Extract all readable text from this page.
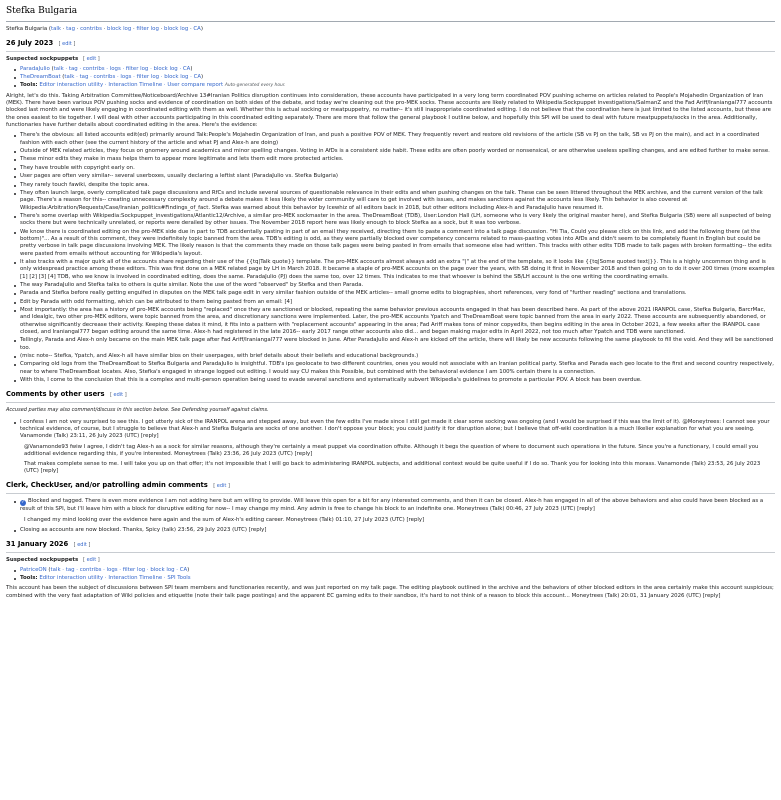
Stefka Bulgaria
Stefka Bulgaria (talk · tag · contribs · block log · filter log · block log · CA)
26 July 2023 [ edit ]
Suspected sockpuppets [ edit ]
ParadaJulio (talk · tag · contribs · logs · filter log · block log · CA)
TheDreamBoat (talk · tag · contribs · logs · filter log · block log · CA)
Tools: Editor interaction utility · Interaction Timeline · User compare report Auto-generated every hour.

Alright, let's do this. Taking Arbitration Committee/Noticeboard/Archive 13#Iranian Politics disruption continues into consideration, these accounts have participated in a very long term coordinated POV pushing scheme on articles related to People's Mojahedin Organization of Iran (MEK). There have been various POV pushing socks and evidence of coordination on both sides of the debate, and today we're cleaning out the pro-MEK socks. These accounts are likely related to Wikipedia:Sockpuppet investigations/SalmanZ and the Fad Ariff/Iraniangal777 accounts blocked last month and were likely engaging in coordinated editing with them as well. Whether this is actual socking or meatpuppetry, no matter-- it's still inappropriate coordinated editing. I do not believe that the coordination here is just limited to the listed accounts, but these are the ones easiest to tie together. I will deal with other accounts participating in this coordinated editing separately. There are more that follow the general playbook I outline below, and hopefully this SPI will be used to deal with future meatpuppets/socks in the area. Additionally, functionaries have further details about coordinated editing in the area. Here's the evidence:

There's the obvious: all listed accounts edit(ed) primarily around Talk:People's Mojahedin Organization of Iran, and push a positive POV of MEK. They frequently revert and restore old revisions of the article (SB vs PJ on the talk, SB vs PJ on the main), and act in a coordinated fashion with each other (see the current history of the article and what PJ and Alex-h are doing)
Outside of MEK related articles, they focus on gnomery around academics and minor spelling changes. Voting in AfDs is a consistent side habit. These edits are often poorly worded or nonsensical, or are otherwise useless spelling changes, and are edited further to make sense.
These minor edits they make in mass helps them to appear more legitimate and lets them edit more protected articles.
They have trouble with copyright early on.
User pages are often very similar-- several userboxes, usually declaring a leftist slant (ParadaJulio vs. Stefka Bulgaria)
They rarely touch fawiki, despite the topic area.
They often launch large, overly complicated talk page discussions and RfCs and include several sources of questionable relevance in their edits and when pushing changes on the talk. These can be seen littered throughout the MEK archive, and the current version of the talk page. There's a reason for this-- creating unnecessary complexity around a debate makes it less likely the wider community will care to get involved with issues, and makes sanctions against the accounts less likely. This behavior is also covered at Wikipedia:Arbitration/Requests/Case/Iranian_politics#Findings_of_fact. Stefka was warned about this behavior by Icewhiz of all editors back in 2018, but other editors including Alex-h and ParadaJulio have resumed it.
There's some overlap with Wikipedia:Sockpuppet_investigations/Atlantic12/Archive, a similar pro-MEK sockmaster in the area. TheDreamBoat (TDB), User:London Hall (LH, someone who is very likely the original master here), and Stefka Bulgaria (SB) were all suspected of being socks there but were technically unrelated, or reports were derailed by other issues. The November 2018 report here was likely enough to block Stefka as a sock, but it was too verbose.
We know there is coordinated editing on the pro-MEK side due in part to TDB accidentally pasting in part of an email they received, directing them to paste a comment into a talk page discussion. "Hi Tia, Could you please click on this link, and add the following there (at the bottom)"... As a result of this comment, they were indefinitely topic banned from the area. TDB's editing is odd, as they were partially blocked over competency concerns related to mass-pasting votes into AfDs and didn't seem to be completely fluent in English but could be pretty verbose in talk page discussions involving MEK. The likely reason is that the comments they made on those talk pages were being pasted in from emails that someone else had written. This tracks with other edits TDB made to talk pages with broken formatting-- the edits were pasted from emails without accounting for Wikipedia's layout.
It also tracks with a major quirk all of the accounts share regarding their use of the {{tq|Talk quote}} template. The pro-MEK accounts almost always add an extra "|" at the end of the template, so it looks like {{tq|Some quoted text|}}. This is a highly uncommon thing and is only widespread practice among these editors. This was first done on a MEK related page by LH in March 2018. It became a staple of pro-MEK accounts on the page over the years, with SB doing it first in November 2018 and then going on to do it over 200 times (more examples [1] [2] [3] [4] TDB, who we know is involved in coordinated editing, does the same. ParadaJulio (PJ) does the same too, over 12 times. This indicates to me that whoever is behind the SB/LH account is the one writing the coordinating emails.
The way ParadaJulio and Stefka talks to others is quite similar. Note the use of the word "observed" by Stefka and then Parada.
Parada and Stefka before really getting engulfed in disputes on the MEK talk page edit in very similar fashion outside of the MEK articles-- small gnome edits to biographies, short references, very fond of "further reading" sections and translations.
Edit by Parada with odd formatting, which can be attributed to them being pasted from an email: [4]
Most importantly: the area has a history of pro-MEK accounts being "replaced" once they are sanctioned or blocked, repeating the same behavior previous accounts engaged in that has been described here. As part of the above 2021 IRANPOL case, Stefka Bulgaria, BarcrMac, and Idealgic, two other pro-MEK editors, were topic banned from the area, and discretionary sanctions were implemented. Later, the pro-MEK accounts Ypatch and TheDreamBoat were topic banned from the area in early 2022. These accounts are subsequently abandoned, or otherwise significantly decrease their activity. Keeping these dates it mind, it fits into a pattern with "replacement accounts" appearing in the area; Fad Ariff makes tons of minor copyedits, then begins editing in the area in October 2021, a few weeks after the IRANPOL case closed, and Iraniangal777 began editing around the same time. Alex-h had registered in the late 2016-- early 2017 range other accounts also did... and began making major edits in April 2022, not too much after Ypatch and TDB were sanctioned.
Tellingly, Parada and Alex-h only became on the main MEK talk page after Fad Ariff/Iraniangal777 were blocked in June. After ParadaJulio and Alex-h are kicked off the article, there will likely be new accounts following the same playbook to fill the void. And they will be sanctioned too.
(misc note-- Stefka, Ypatch, and Alex-h all have similar bios on their userpages, with brief details about their beliefs and educational backgrounds.)
Comparing old logs from the TheDreamBoat to Stefka Bulgaria and ParadaJulio is insightful. TDB's ips geolocate to two different countries, ones you would not associate with an Iranian political party. Stefka and Parada each geo locate to the first and second country respectively, near to where TheDreamBoat locates. Also, Stefka's engaged in strange logged out editing. I would say CU makes this Possible, but combined with the behavioral evidence I am 100% certain there is a connection.
With this, I come to the conclusion that this is a complex and multi-person operation being used to evade several sanctions and systematically subvert Wikipedia's guidelines to promote a particular POV. A block has been overdue.
Comments by other users [ edit ]
Accused parties may also comment/discuss in this section below. See Defending yourself against claims.
I confess I am not very surprised to see this. I got utterly sick of the IRANPOL arena and stepped away, but even the few edits I've made since I still get made it clear some socking was ongoing (and I would be surprised if this was the limit of it). @Moneytrees: I cannot see your technical evidence, of course, but I struggle to believe that Alex-h and Stefka Bulgaria are socks of one another. I don't oppose your block; you could justify it for disruption alone; but I believe that off-wiki coordination is a much likelier explanation for what you are seeing. Vanamonde (Talk) 23:11, 26 July 2023 (UTC) [reply]
@Vanamonde93 fwiw I agree, I didn't tag Alex-h as a sock for similar reasons, although they're certainly a meat puppet via coordination offsite. Although it begs the question of where to document such operations in the future. Since you're a functionary, I could email you additional evidence regarding this, if you're interested. Moneytrees (Talk) 23:36, 26 July 2023 (UTC) [reply]
That makes complete sense to me. I will take you up on that offer; it's not impossible that I will go back to administering IRANPOL subjects, and additional context would be quite useful if I do so. Thank you for looking into this morass. Vanamonde (Talk) 23:53, 26 July 2023 (UTC) [reply]
Clerk, CheckUser, and/or patrolling admin comments [ edit ]
✓ Blocked and tagged. There is even more evidence I am not adding here but am willing to provide. Will leave this open for a bit for any interested comments, and then it can be closed. Alex-h has engaged in all of the above behaviors and also could have been blocked as a result of this SPI, but I'll leave him with a block for disruptive editing for now-- I may change my mind. Any admin is free to change his block to an indefinite one. Moneytrees (Talk) 00:46, 27 July 2023 (UTC) [reply]
I changed my mind looking over the evidence here again and the sum of Alex-h's editing career. Moneytrees (Talk) 01:10, 27 July 2023 (UTC) [reply]
Closing as accounts are now blocked. Thanks, Spicy (talk) 23:56, 29 July 2023 (UTC) [reply]
31 January 2026 [ edit ]
Suspected sockpuppets [ edit ]
PatriceON (talk · tag · contribs · logs · filter log · block log · CA)
Tools: Editor interaction utility · Interaction Timeline · SPI Tools

This account has been the subject of discussions between SPI team members and functionaries recently, and was just reported on my talk page. The editing playbook outlined in the archive and the behaviors of other blocked editors in the area certainly make this account suspicious; combined with the very fast adaptation of Wiki policies and etiquette (note their talk page postings) and the apparent EC gaming edits to their sandbox, it's hard to not think of a reason to block this account... Moneytrees (Talk) 20:01, 31 January 2026 (UTC) [reply]
